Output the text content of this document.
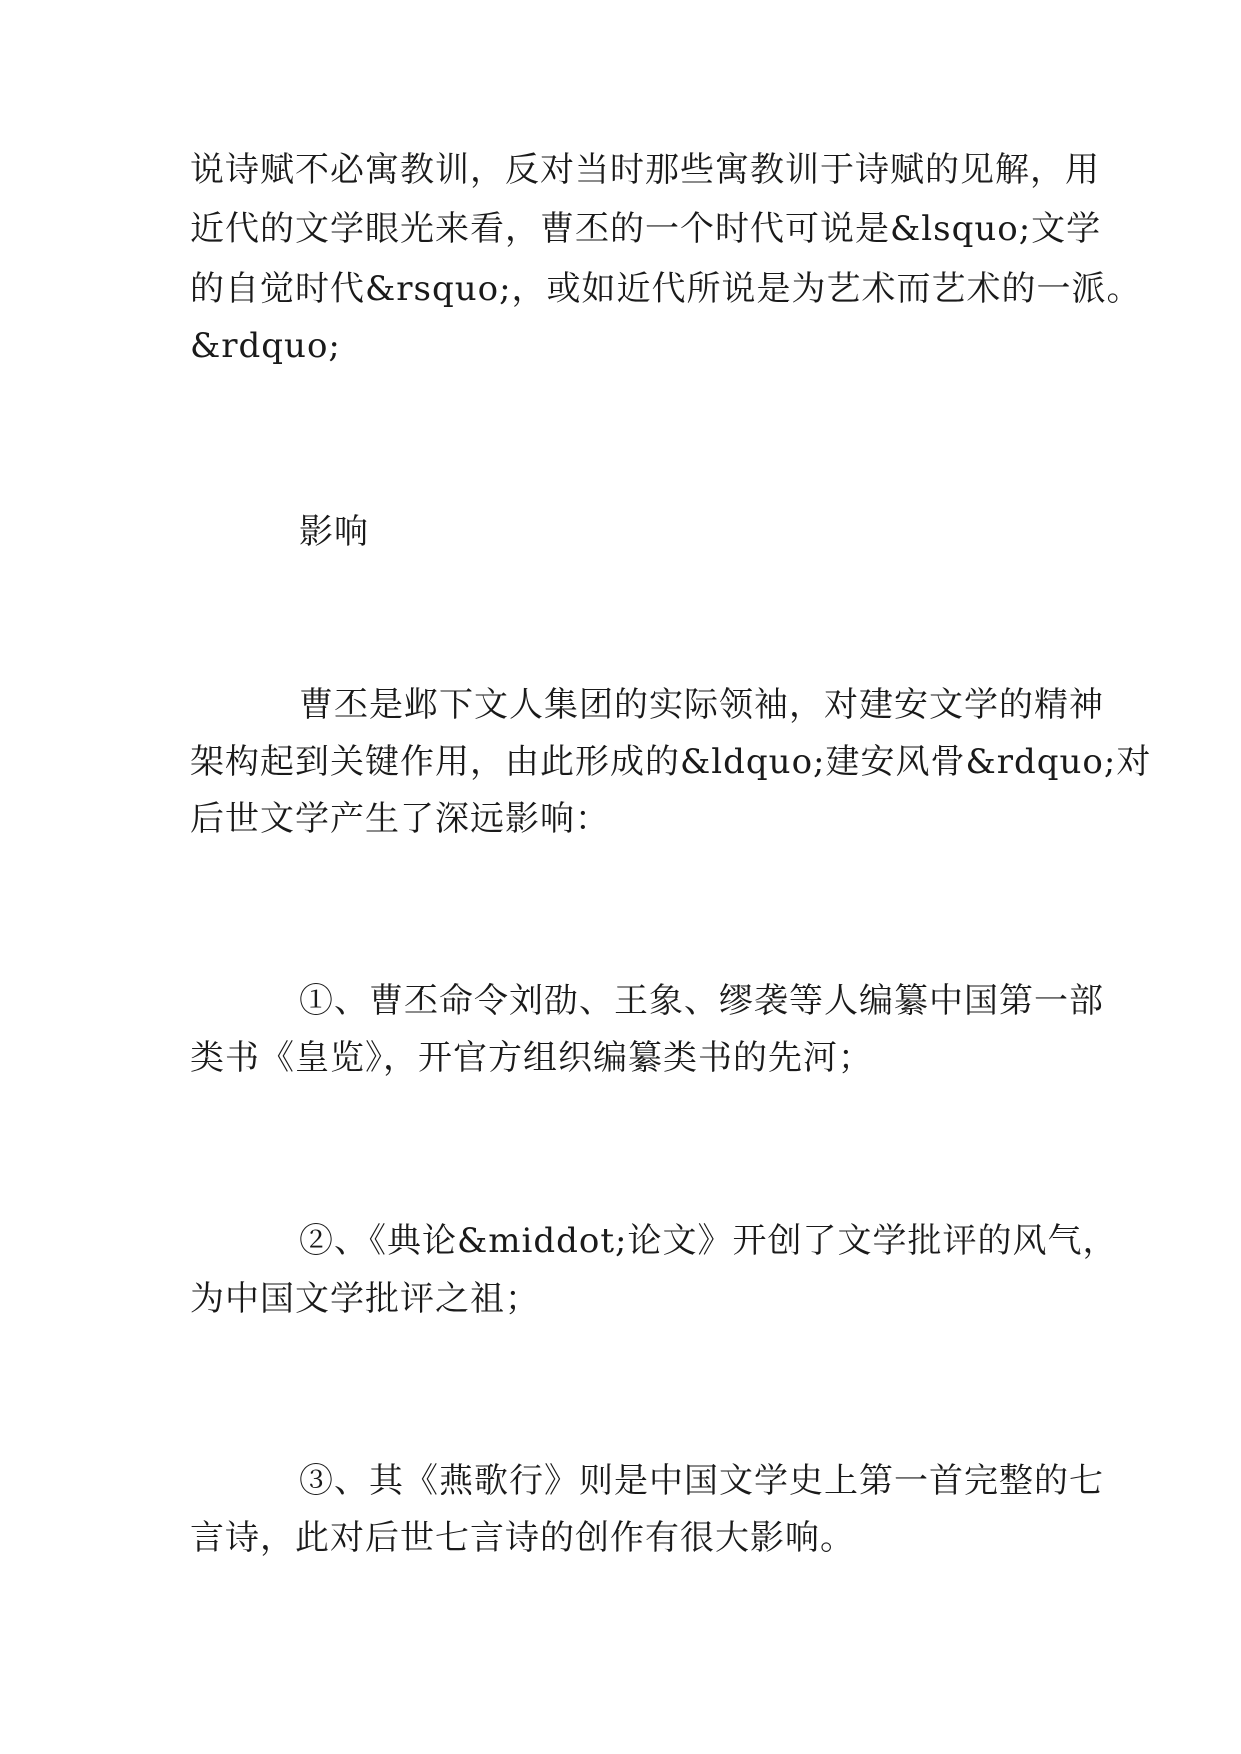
说诗赋不必寓教训，反对当时那些寓教训于诗赋的见解，用
近代的文学眼光来看，曹丕的一个时代可说是&lsquo;文学
的自觉时代&rsquo;，或如近代所说是为艺术而艺术的一派。
&rdquo;
影响
曹丕是邺下文人集团的实际领袖，对建安文学的精神
架构起到关键作用，由此形成的&ldquo;建安风骨&rdquo;对
后世文学产生了深远影响：
①、曹丕命令刘劭、王象、缪袭等人编纂中国第一部
类书《皇览》，开官方组织编纂类书的先河；
②、《典论&middot;论文》开创了文学批评的风气，
为中国文学批评之祖；
③、其《燕歌行》则是中国文学史上第一首完整的七
言诗，此对后世七言诗的创作有很大影响。
